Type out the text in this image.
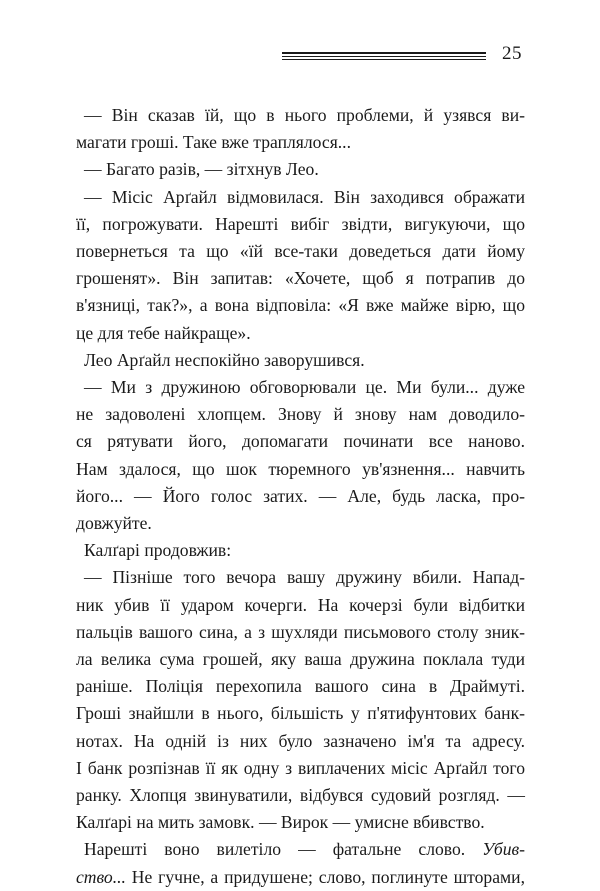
25
— Він сказав їй, що в нього проблеми, й узявся ви-
магати гроші. Таке вже траплялося...
— Багато разів, — зітхнув Лео.
— Місіс Арґайл відмовилася. Він заходився ображати
її, погрожувати. Нарешті вибіг звідти, вигукуючи, що
повернеться та що «їй все-таки доведеться дати йому
грошенят». Він запитав: «Хочете, щоб я потрапив до
в'язниці, так?», а вона відповіла: «Я вже майже вірю, що
це для тебе найкраще».
Лео Арґайл неспокійно заворушився.
— Ми з дружиною обговорювали це. Ми були... дуже
не задоволені хлопцем. Знову й знову нам доводило-
ся рятувати його, допомагати починати все наново.
Нам здалося, що шок тюремного ув'язнення... навчить
його... — Його голос затих. — Але, будь ласка, про-
довжуйте.
Калґарі продовжив:
— Пізніше того вечора вашу дружину вбили. Напад-
ник убив її ударом кочерги. На кочерзі були відбитки
пальців вашого сина, а з шухляди письмового столу зник-
ла велика сума грошей, яку ваша дружина поклала туди
раніше. Поліція перехопила вашого сина в Драймуті.
Гроші знайшли в нього, більшість у п'ятифунтових банк-
нотах. На одній із них було зазначено ім'я та адресу.
І банк розпізнав її як одну з виплачених місіс Арґайл того
ранку. Хлопця звинуватили, відбувся судовий розгляд. —
Калґарі на мить замовк. — Вирок — умисне вбивство.
Нарешті воно вилетіло — фатальне слово. Убив-
ство... Не гучне, а придушене; слово, поглинуте шторами,
